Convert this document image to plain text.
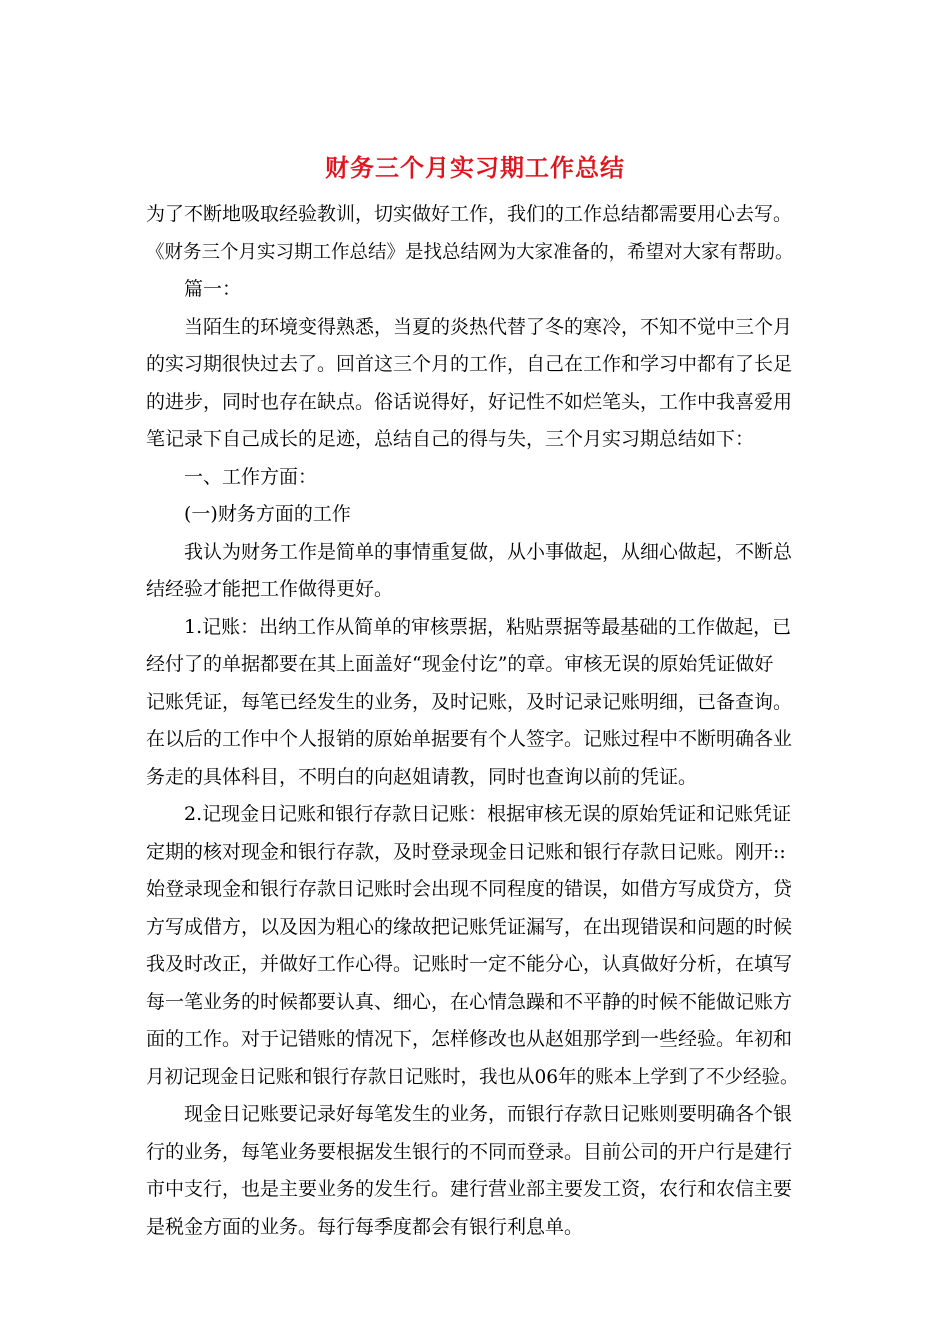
财务三个月实习期工作总结
为了不断地吸取经验教训，切实做好工作，我们的工作总结都需要用心去写。
《财务三个月实习期工作总结》是找总结网为大家准备的，希望对大家有帮助。
篇一：
当陌生的环境变得熟悉，当夏的炎热代替了冬的寒冷，不知不觉中三个月
的实习期很快过去了。回首这三个月的工作，自己在工作和学习中都有了长足
的进步，同时也存在缺点。俗话说得好，好记性不如烂笔头，工作中我喜爱用
笔记录下自己成长的足迹，总结自己的得与失，三个月实习期总结如下：
一、工作方面：
(一)财务方面的工作
我认为财务工作是简单的事情重复做，从小事做起，从细心做起，不断总
结经验才能把工作做得更好。
1.记账：出纳工作从简单的审核票据，粘贴票据等最基础的工作做起，已
经付了的单据都要在其上面盖好“现金付讫”的章。审核无误的原始凭证做好
记账凭证，每笔已经发生的业务，及时记账，及时记录记账明细，已备查询。
在以后的工作中个人报销的原始单据要有个人签字。记账过程中不断明确各业
务走的具体科目，不明白的向赵姐请教，同时也查询以前的凭证。
2.记现金日记账和银行存款日记账：根据审核无误的原始凭证和记账凭证
定期的核对现金和银行存款，及时登录现金日记账和银行存款日记账。刚开::
始登录现金和银行存款日记账时会出现不同程度的错误，如借方写成贷方，贷
方写成借方，以及因为粗心的缘故把记账凭证漏写，在出现错误和问题的时候
我及时改正，并做好工作心得。记账时一定不能分心，认真做好分析，在填写
每一笔业务的时候都要认真、细心，在心情急躁和不平静的时候不能做记账方
面的工作。对于记错账的情况下，怎样修改也从赵姐那学到一些经验。年初和
月初记现金日记账和银行存款日记账时，我也从06年的账本上学到了不少经验。
现金日记账要记录好每笔发生的业务，而银行存款日记账则要明确各个银
行的业务，每笔业务要根据发生银行的不同而登录。目前公司的开户行是建行
市中支行，也是主要业务的发生行。建行营业部主要发工资，农行和农信主要
是税金方面的业务。每行每季度都会有银行利息单。
